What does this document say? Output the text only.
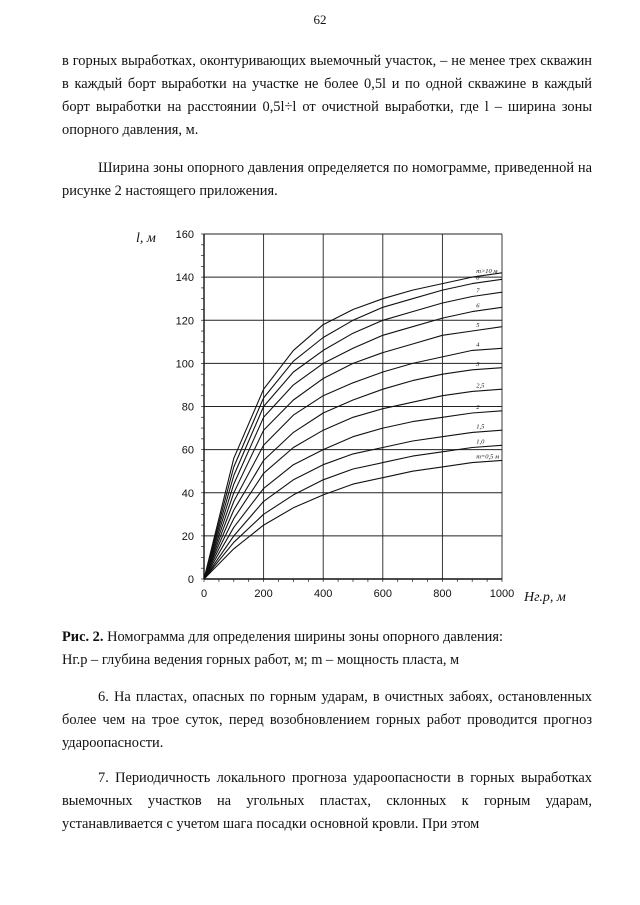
62

в горных выработках, оконтуривающих выемочный участок, – не менее трех скважин в каждый борт выработки на участке не более 0,5l и по одной скважине в каждый борт выработки на расстоянии 0,5l÷l от очистной выработки, где l – ширина зоны опорного давления, м.

Ширина зоны опорного давления определяется по номограмме, приведенной на рисунке 2 настоящего приложения.

0
20
40
60
80
100
120
140
160
0	200	400	600	800	1000
l, м
Hг.р, м
m=0,5 м
1,0
1,5
2
2,5
3
4
5
6
7
8
m>10 м

Рис. 2. Номограмма для определения ширины зоны опорного давления:
Hг.р – глубина ведения горных работ, м; m – мощность пласта, м

6. На пластах, опасных по горным ударам, в очистных забоях, остановленных более чем на трое суток, перед возобновлением горных работ проводится прогноз удароопасности.

7. Периодичность локального прогноза удароопасности в горных выработках выемочных участков на угольных пластах, склонных к горным ударам, устанавливается с учетом шага посадки основной кровли. При этом
